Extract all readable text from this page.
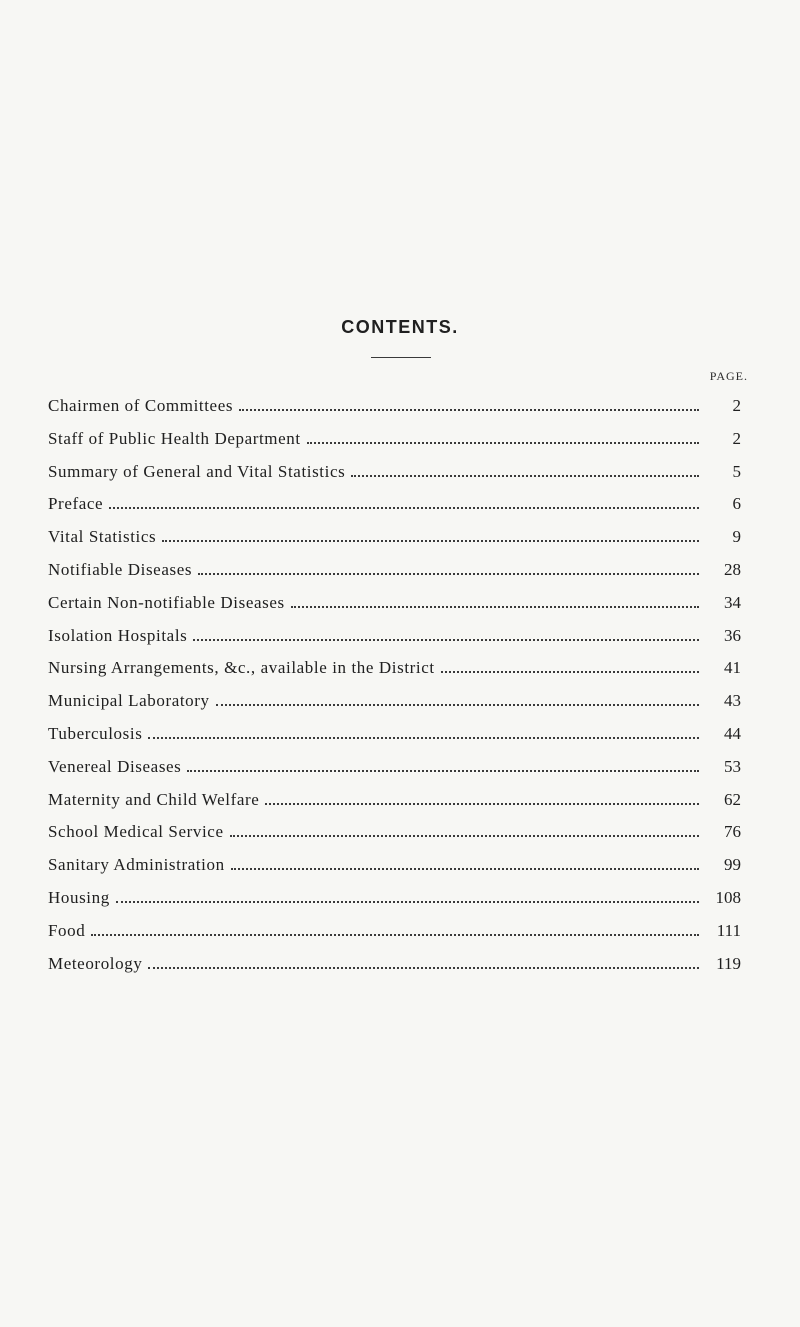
CONTENTS.
PAGE.
Chairmen of Committees	2
Staff of Public Health Department	2
Summary of General and Vital Statistics	5
Preface	6
Vital Statistics	9
Notifiable Diseases	28
Certain Non-notifiable Diseases	34
Isolation Hospitals	36
Nursing Arrangements, &c., available in the District	41
Municipal Laboratory	43
Tuberculosis	44
Venereal Diseases	53
Maternity and Child Welfare	62
School Medical Service	76
Sanitary Administration	99
Housing	108
Food	111
Meteorology	119
